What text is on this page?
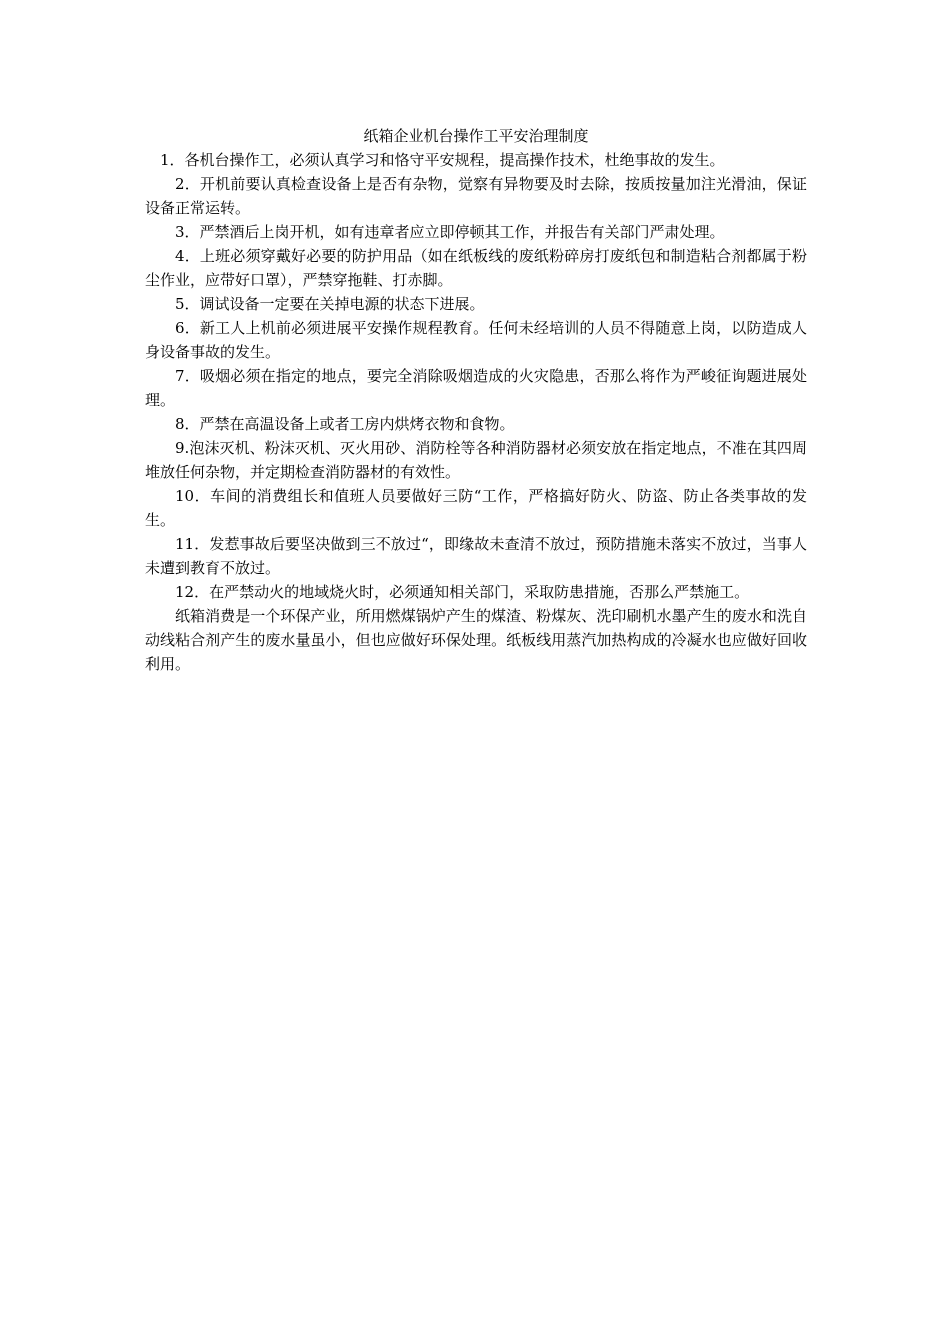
纸箱企业机台操作工平安治理制度

1．各机台操作工，必须认真学习和恪守平安规程，提高操作技术，杜绝事故的发生。

2．开机前要认真检查设备上是否有杂物，觉察有异物要及时去除，按质按量加注光滑油，保证设备正常运转。

3．严禁酒后上岗开机，如有违章者应立即停顿其工作，并报告有关部门严肃处理。

4．上班必须穿戴好必要的防护用品（如在纸板线的废纸粉碎房打废纸包和制造粘合剂都属于粉尘作业，应带好口罩），严禁穿拖鞋、打赤脚。

5．调试设备一定要在关掉电源的状态下进展。

6．新工人上机前必须进展平安操作规程教育。任何未经培训的人员不得随意上岗，以防造成人身设备事故的发生。

7．吸烟必须在指定的地点，要完全消除吸烟造成的火灾隐患，否那么将作为严峻征询题进展处理。

8．严禁在高温设备上或者工房内烘烤衣物和食物。

9.泡沫灭机、粉沫灭机、灭火用砂、消防栓等各种消防器材必须安放在指定地点，不准在其四周堆放任何杂物，并定期检查消防器材的有效性。

10．车间的消费组长和值班人员要做好三防“工作，严格搞好防火、防盗、防止各类事故的发生。

11．发惹事故后要坚决做到三不放过“，即缘故未查清不放过，预防措施未落实不放过，当事人未遭到教育不放过。

12．在严禁动火的地域烧火时，必须通知相关部门，采取防患措施，否那么严禁施工。

纸箱消费是一个环保产业，所用燃煤锅炉产生的煤渣、粉煤灰、洗印刷机水墨产生的废水和洗自动线粘合剂产生的废水量虽小，但也应做好环保处理。纸板线用蒸汽加热构成的冷凝水也应做好回收利用。
